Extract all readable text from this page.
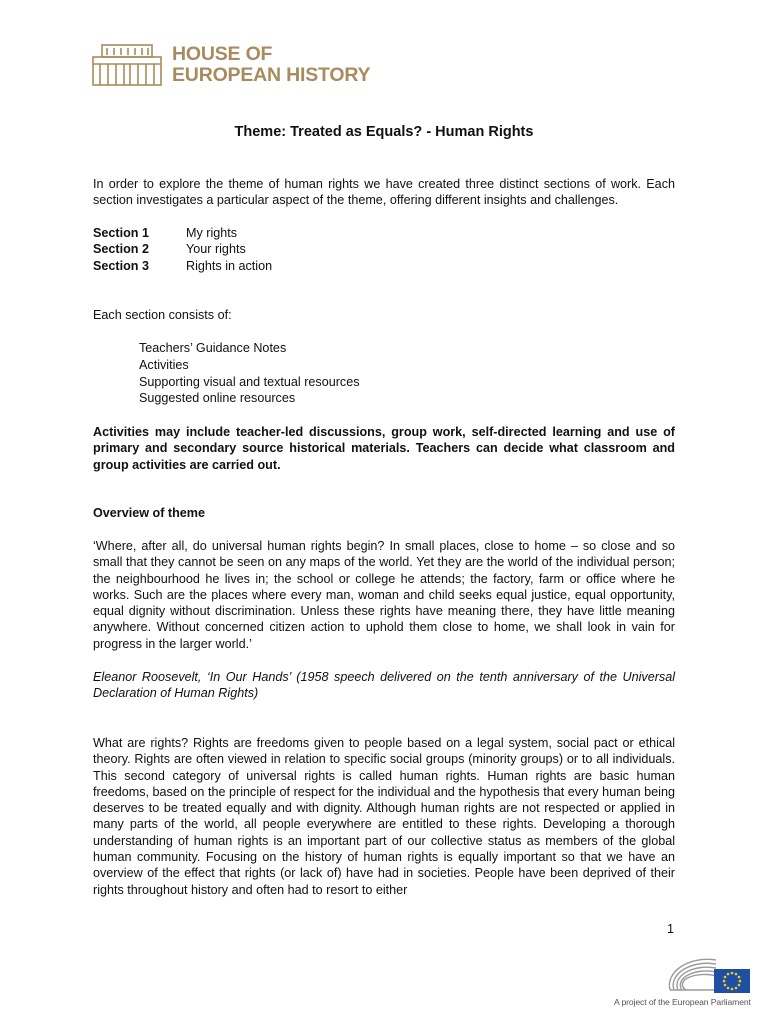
HOUSE OF
EUROPEAN HISTORY
Theme: Treated as Equals? - Human Rights
In order to explore the theme of human rights we have created three distinct sections of work. Each section investigates a particular aspect of the theme, offering different insights and challenges.
Section 1	My rights
Section 2	Your rights
Section 3	Rights in action
Each section consists of:
Teachers’ Guidance Notes
Activities
Supporting visual and textual resources
Suggested online resources
Activities may include teacher-led discussions, group work, self-directed learning and use of primary and secondary source historical materials. Teachers can decide what classroom and group activities are carried out.
Overview of theme
‘Where, after all, do universal human rights begin? In small places, close to home – so close and so small that they cannot be seen on any maps of the world. Yet they are the world of the individual person; the neighbourhood he lives in; the school or college he attends; the factory, farm or office where he works. Such are the places where every man, woman and child seeks equal justice, equal opportunity, equal dignity without discrimination. Unless these rights have meaning there, they have little meaning anywhere. Without concerned citizen action to uphold them close to home, we shall look in vain for progress in the larger world.’
Eleanor Roosevelt, ‘In Our Hands’ (1958 speech delivered on the tenth anniversary of the Universal Declaration of Human Rights)
What are rights? Rights are freedoms given to people based on a legal system, social pact or ethical theory. Rights are often viewed in relation to specific social groups (minority groups) or to all individuals. This second category of universal rights is called human rights. Human rights are basic human freedoms, based on the principle of respect for the individual and the hypothesis that every human being deserves to be treated equally and with dignity. Although human rights are not respected or applied in many parts of the world, all people everywhere are entitled to these rights. Developing a thorough understanding of human rights is an important part of our collective status as members of the global human community. Focusing on the history of human rights is equally important so that we have an overview of the effect that rights (or lack of) have had in societies. People have been deprived of their rights throughout history and often had to resort to either
1
A project of the European Parliament
